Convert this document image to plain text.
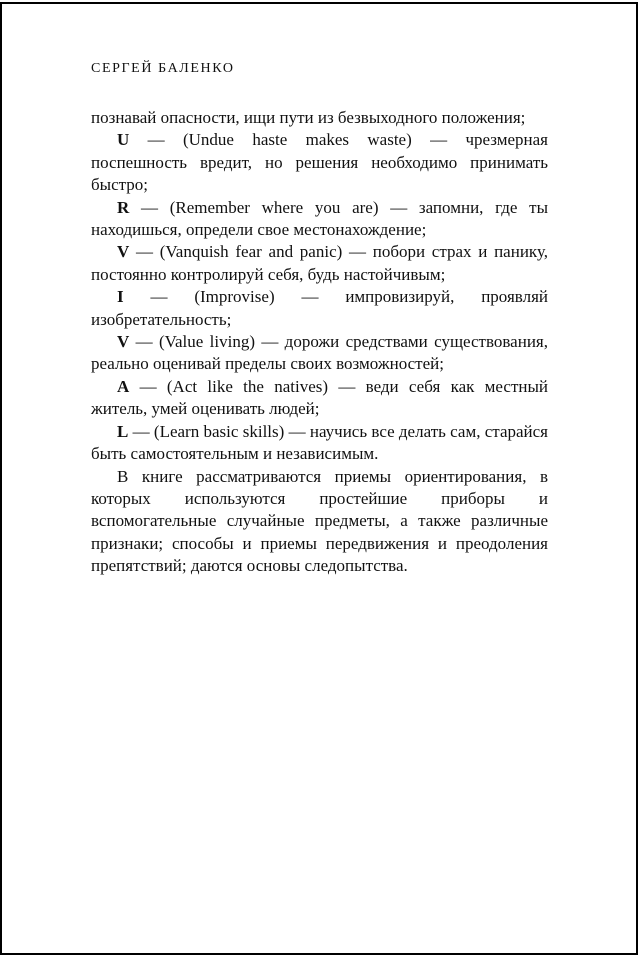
СЕРГЕЙ БАЛЕНКО

познавай опасности, ищи пути из безвыходного положения;

U — (Undue haste makes waste) — чрезмерная поспешность вредит, но решения необходимо принимать быстро;

R — (Remember where you are) — запомни, где ты находишься, определи свое местонахождение;

V — (Vanquish fear and panic) — побори страх и панику, постоянно контролируй себя, будь настойчивым;

I — (Improvise) — импровизируй, проявляй изобретательность;

V — (Value living) — дорожи средствами существования, реально оценивай пределы своих возможностей;

A — (Act like the natives) — веди себя как местный житель, умей оценивать людей;

L — (Learn basic skills) — научись все делать сам, старайся быть самостоятельным и независимым.

В книге рассматриваются приемы ориентирования, в которых используются простейшие приборы и вспомогательные случайные предметы, а также различные признаки; способы и приемы передвижения и преодоления препятствий; даются основы следопытства.
